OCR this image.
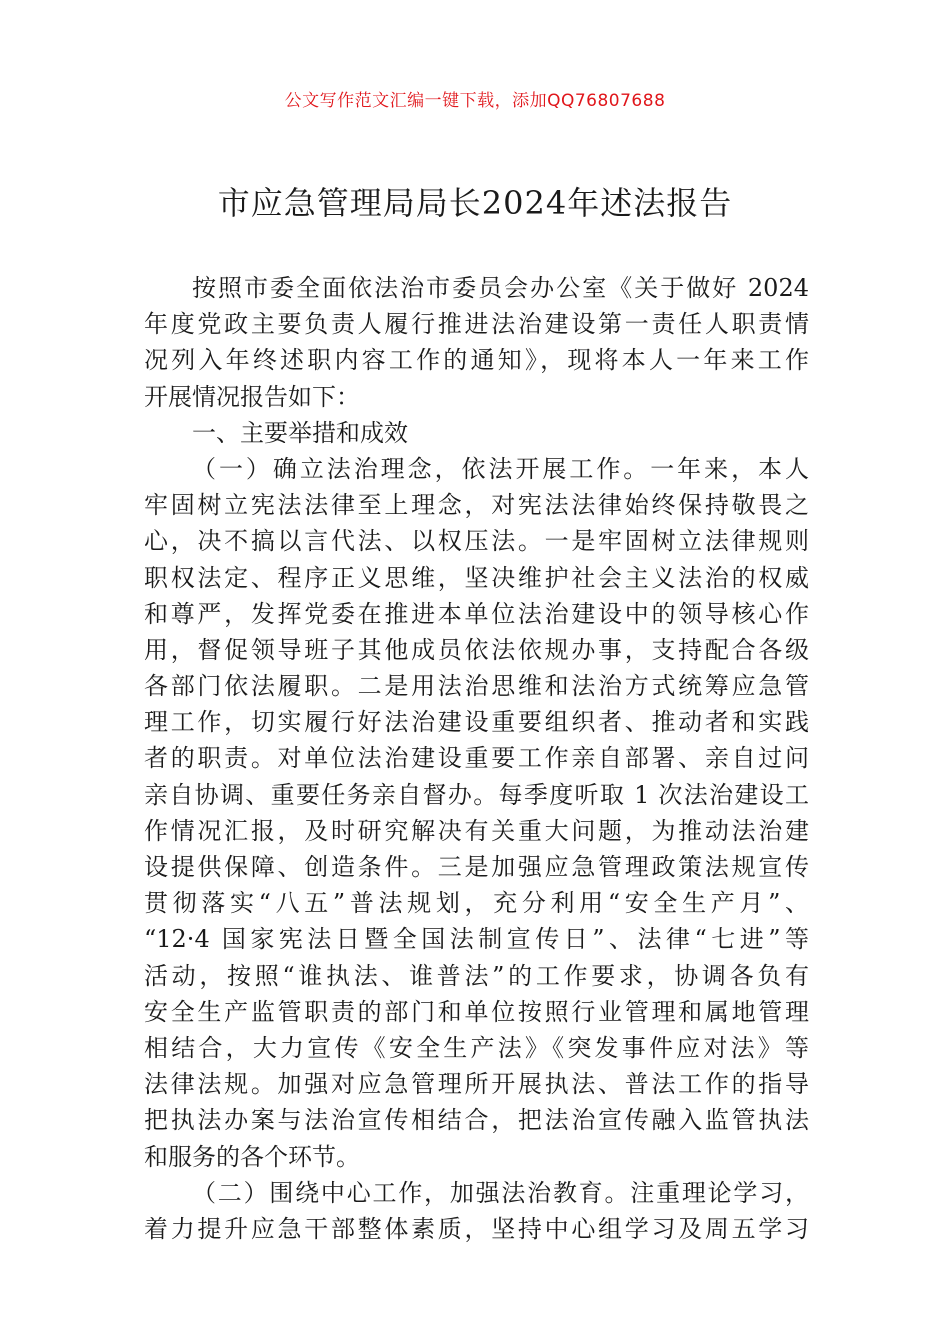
公文写作范文汇编一键下载，添加QQ76807688
市应急管理局局长2024年述法报告
按照市委全面依法治市委员会办公室《关于做好 2024
年度党政主要负责人履行推进法治建设第一责任人职责情
况列入年终述职内容工作的通知》，现将本人一年来工作
开展情况报告如下：
一、主要举措和成效
（一）确立法治理念，依法开展工作。一年来，本人
牢固树立宪法法律至上理念，对宪法法律始终保持敬畏之
心，决不搞以言代法、以权压法。一是牢固树立法律规则
职权法定、程序正义思维，坚决维护社会主义法治的权威
和尊严，发挥党委在推进本单位法治建设中的领导核心作
用，督促领导班子其他成员依法依规办事，支持配合各级
各部门依法履职。二是用法治思维和法治方式统筹应急管
理工作，切实履行好法治建设重要组织者、推动者和实践
者的职责。对单位法治建设重要工作亲自部署、亲自过问
亲自协调、重要任务亲自督办。每季度听取 1 次法治建设工
作情况汇报，及时研究解决有关重大问题，为推动法治建
设提供保障、创造条件。三是加强应急管理政策法规宣传
贯彻落实“八五”普法规划，充分利用“安全生产月”、
“12·4 国家宪法日暨全国法制宣传日”、法律“七进”等
活动，按照“谁执法、谁普法”的工作要求，协调各负有
安全生产监管职责的部门和单位按照行业管理和属地管理
相结合，大力宣传《安全生产法》《突发事件应对法》等
法律法规。加强对应急管理所开展执法、普法工作的指导
把执法办案与法治宣传相结合，把法治宣传融入监管执法
和服务的各个环节。
（二）围绕中心工作，加强法治教育。注重理论学习，
着力提升应急干部整体素质，坚持中心组学习及周五学习
